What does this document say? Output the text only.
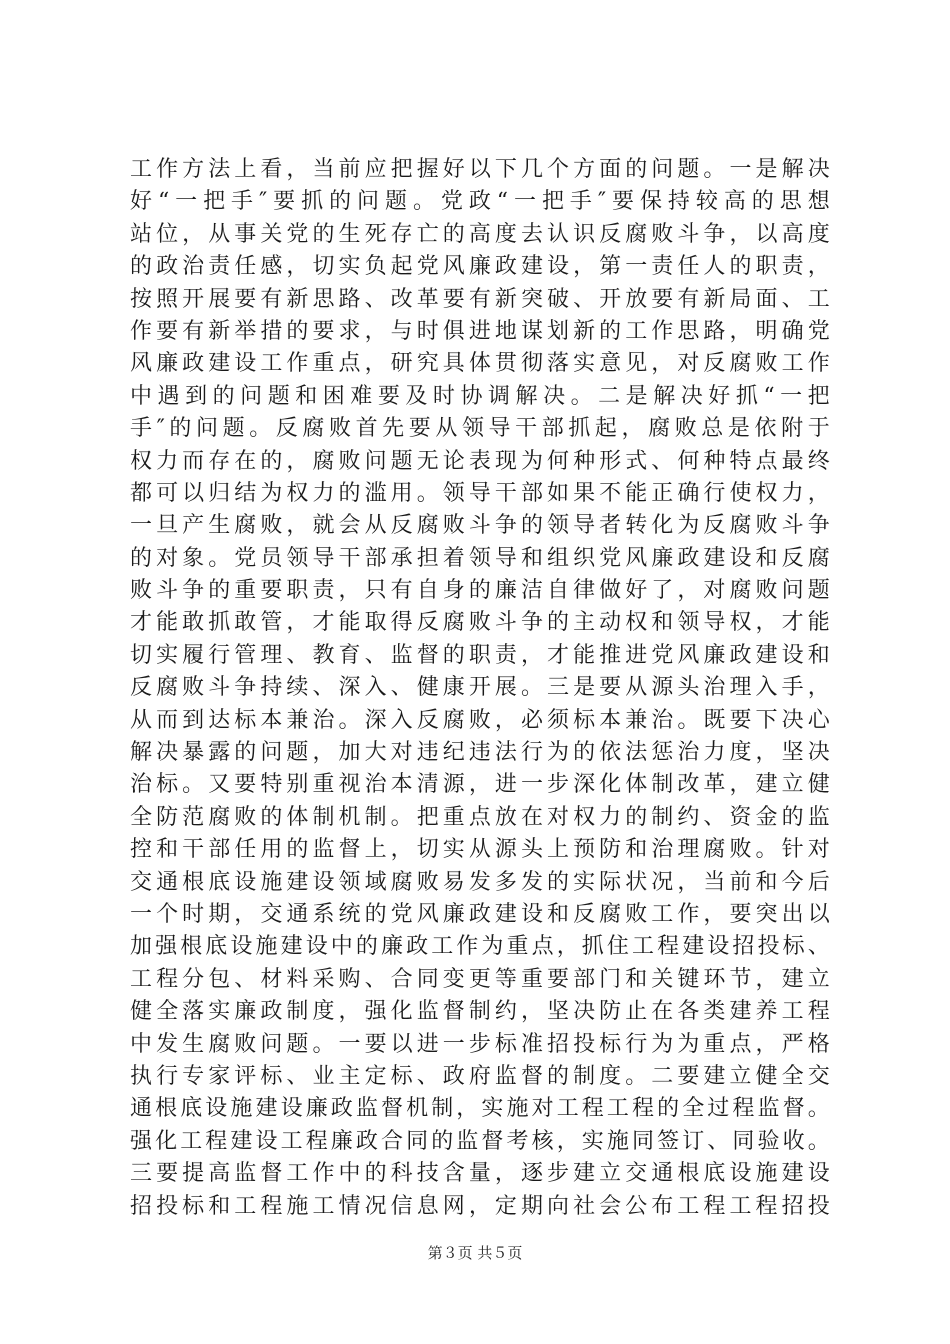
工作方法上看，当前应把握好以下几个方面的问题。一是解决
好“一把手″要抓的问题。党政“一把手″要保持较高的思想
站位，从事关党的生死存亡的高度去认识反腐败斗争，以高度
的政治责任感，切实负起党风廉政建设，第一责任人的职责，
按照开展要有新思路、改革要有新突破、开放要有新局面、工
作要有新举措的要求，与时俱进地谋划新的工作思路，明确党
风廉政建设工作重点，研究具体贯彻落实意见，对反腐败工作
中遇到的问题和困难要及时协调解决。二是解决好抓“一把
手″的问题。反腐败首先要从领导干部抓起，腐败总是依附于
权力而存在的，腐败问题无论表现为何种形式、何种特点最终
都可以归结为权力的滥用。领导干部如果不能正确行使权力，
一旦产生腐败，就会从反腐败斗争的领导者转化为反腐败斗争
的对象。党员领导干部承担着领导和组织党风廉政建设和反腐
败斗争的重要职责，只有自身的廉洁自律做好了，对腐败问题
才能敢抓敢管，才能取得反腐败斗争的主动权和领导权，才能
切实履行管理、教育、监督的职责，才能推进党风廉政建设和
反腐败斗争持续、深入、健康开展。三是要从源头治理入手，
从而到达标本兼治。深入反腐败，必须标本兼治。既要下决心
解决暴露的问题，加大对违纪违法行为的依法惩治力度，坚决
治标。又要特别重视治本清源，进一步深化体制改革，建立健
全防范腐败的体制机制。把重点放在对权力的制约、资金的监
控和干部任用的监督上，切实从源头上预防和治理腐败。针对
交通根底设施建设领域腐败易发多发的实际状况，当前和今后
一个时期，交通系统的党风廉政建设和反腐败工作，要突出以
加强根底设施建设中的廉政工作为重点，抓住工程建设招投标、
工程分包、材料采购、合同变更等重要部门和关键环节，建立
健全落实廉政制度，强化监督制约，坚决防止在各类建养工程
中发生腐败问题。一要以进一步标准招投标行为为重点，严格
执行专家评标、业主定标、政府监督的制度。二要建立健全交
通根底设施建设廉政监督机制，实施对工程工程的全过程监督。
强化工程建设工程廉政合同的监督考核，实施同签订、同验收。
三要提高监督工作中的科技含量，逐步建立交通根底设施建设
招投标和工程施工情况信息网，定期向社会公布工程工程招投
第３页 共５页
